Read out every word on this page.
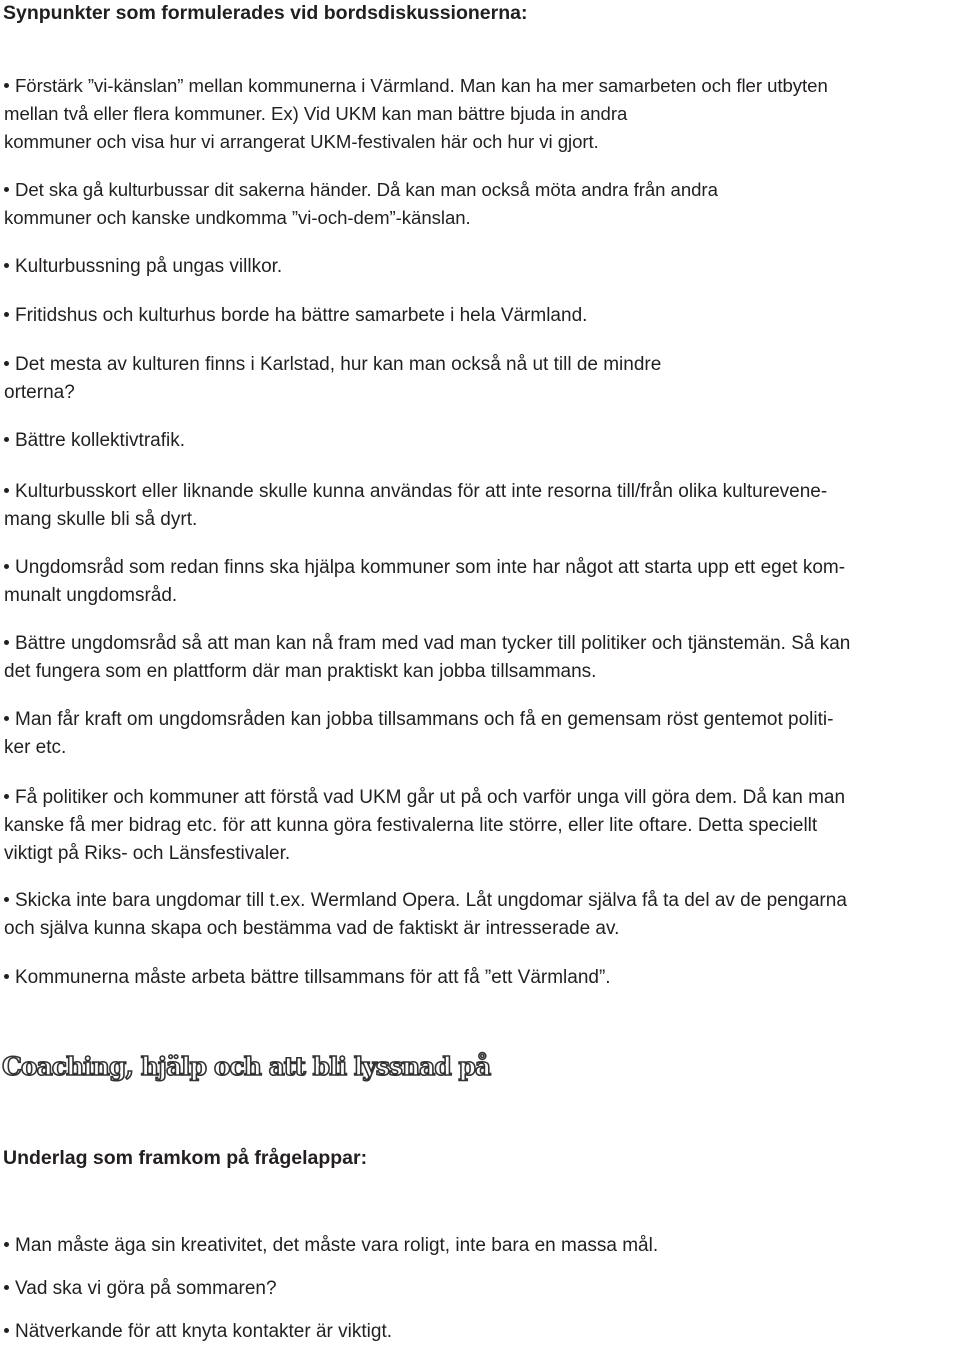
Synpunkter som formulerades vid bordsdiskussionerna:
Förstärk ”vi-känslan” mellan kommunerna i Värmland. Man kan ha mer samarbeten och fler utbyten
mellan två eller flera kommuner. Ex) Vid UKM kan man bättre bjuda in andra
kommuner och visa hur vi arrangerat UKM-festivalen här och hur vi gjort.
Det ska gå kulturbussar dit sakerna händer. Då kan man också möta andra från andra
kommuner och kanske undkomma ”vi-och-dem”-känslan.
Kulturbussning på ungas villkor.
Fritidshus och kulturhus borde ha bättre samarbete i hela Värmland.
Det mesta av kulturen finns i Karlstad, hur kan man också nå ut till de mindre
orterna?
Bättre kollektivtrafik.
Kulturbusskort eller liknande skulle kunna användas för att inte resorna till/från olika kulturevene-
mang skulle bli så dyrt.
Ungdomsråd som redan finns ska hjälpa kommuner som inte har något att starta upp ett eget kom-
munalt ungdomsråd.
Bättre ungdomsråd så att man kan nå fram med vad man tycker till politiker och tjänstemän. Så kan
det fungera som en plattform där man praktiskt kan jobba tillsammans.
Man får kraft om ungdomsråden kan jobba tillsammans och få en gemensam röst gentemot politi-
ker etc.
Få politiker och kommuner att förstå vad UKM går ut på och varför unga vill göra dem. Då kan man
kanske få mer bidrag etc. för att kunna göra festivalerna lite större, eller lite oftare. Detta speciellt
viktigt på Riks- och Länsfestivaler.
Skicka inte bara ungdomar till t.ex. Wermland Opera. Låt ungdomar själva få ta del av de pengarna
och själva kunna skapa och bestämma vad de faktiskt är intresserade av.
Kommunerna måste arbeta bättre tillsammans för att få ”ett Värmland”.
Coaching, hjälp och att bli lyssnad på
Underlag som framkom på frågelappar:
Man måste äga sin kreativitet, det måste vara roligt, inte bara en massa mål.
Vad ska vi göra på sommaren?
Nätverkande för att knyta kontakter är viktigt.
